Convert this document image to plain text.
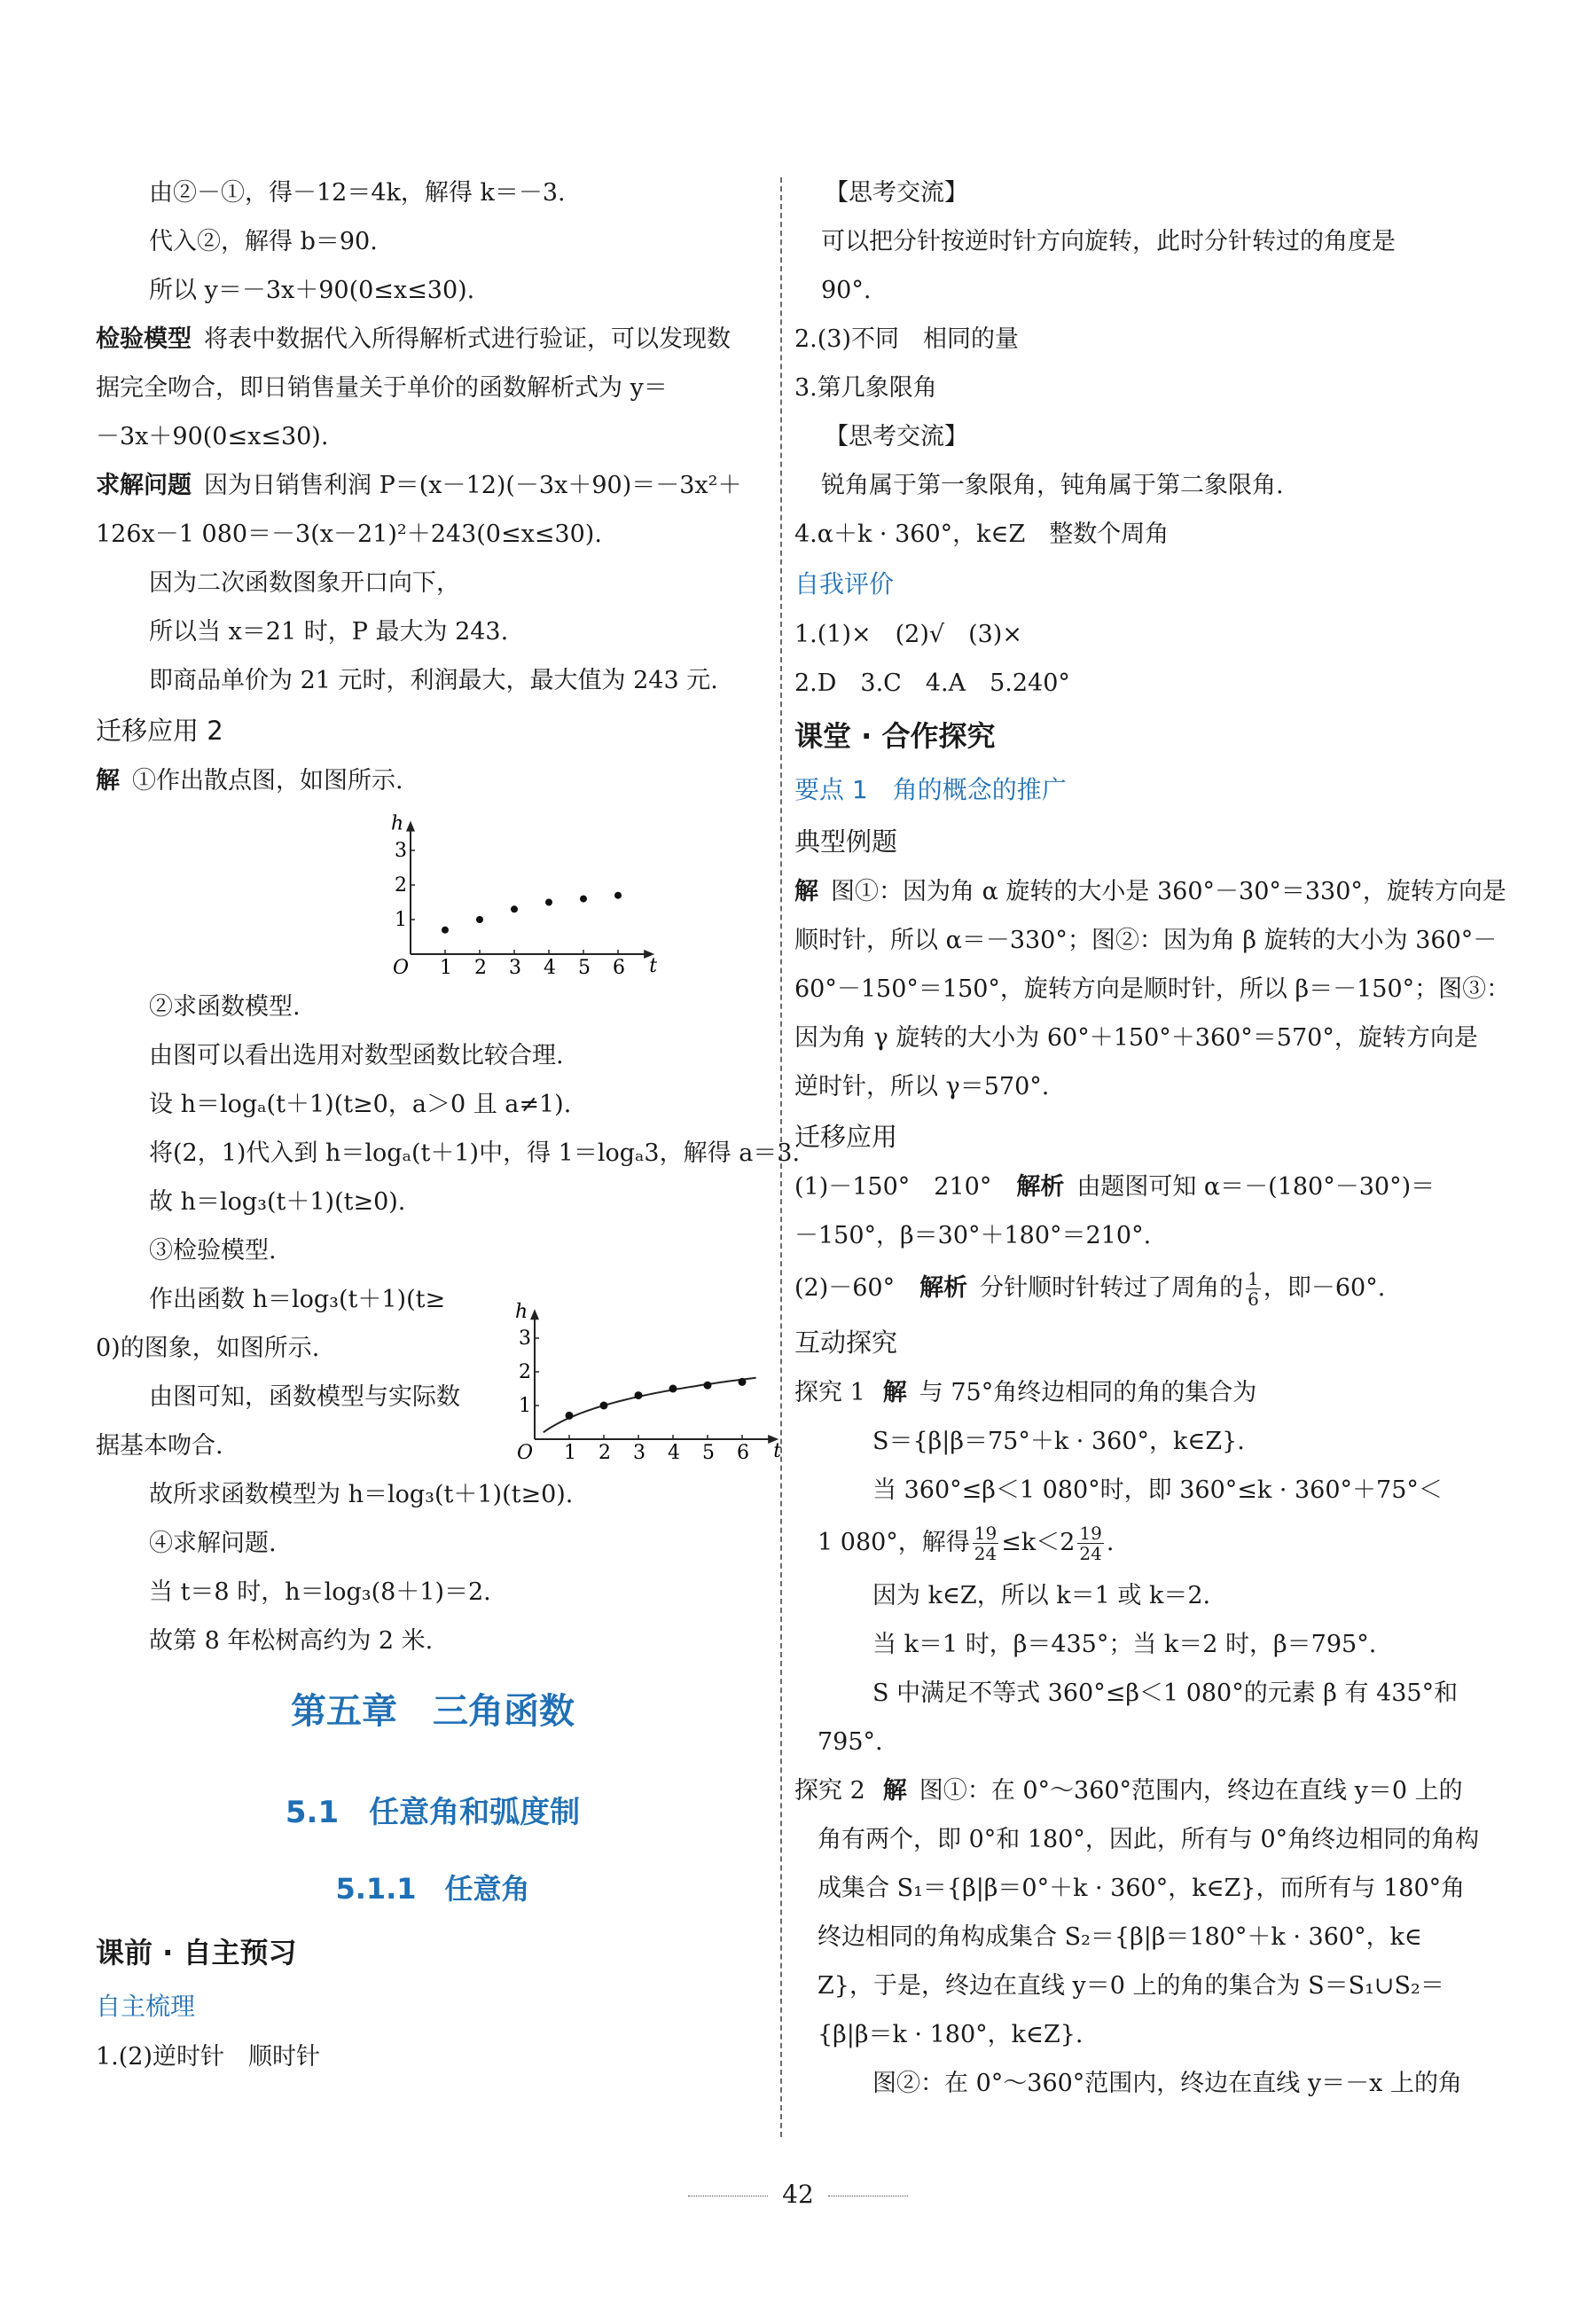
由②－①，得－12＝4k，解得 k＝－3.
代入②，解得 b＝90.
所以 y＝－3x＋90(0≤x≤30).
检验模型 将表中数据代入所得解析式进行验证，可以发现数
据完全吻合，即日销售量关于单价的函数解析式为 y＝
－3x＋90(0≤x≤30).
求解问题 因为日销售利润 P＝(x－12)(－3x＋90)＝－3x²＋
126x－1 080＝－3(x－21)²＋243(0≤x≤30).
因为二次函数图象开口向下，
所以当 x＝21 时，P 最大为 243.
即商品单价为 21 元时，利润最大，最大值为 243 元.
迁移应用 2
解 ①作出散点图，如图所示.
t
h
O 1 2 3 4 5 6
1
2
3
②求函数模型.
由图可以看出选用对数型函数比较合理.
设 h＝logₐ(t＋1)(t≥0，a＞0 且 a≠1).
将(2，1)代入到 h＝logₐ(t＋1)中，得 1＝logₐ3，解得 a＝3.
故 h＝log₃(t＋1)(t≥0).
③检验模型.
作出函数 h＝log₃(t＋1)(t≥
0)的图象，如图所示.
由图可知，函数模型与实际数
据基本吻合.	t
h
O 1 2 3 4 5 6
1
2
3
故所求函数模型为 h＝log₃(t＋1)(t≥0).
④求解问题.
当 t＝8 时，h＝log₃(8＋1)＝2.
故第 8 年松树高约为 2 米.
第五章　三角函数
5.1　任意角和弧度制
5.1.1　任意角
课前 · 自主预习
自主梳理
1.(2)逆时针　顺时针
【思考交流】
可以把分针按逆时针方向旋转，此时分针转过的角度是
90°.
2.(3)不同　相同的量
3.第几象限角
【思考交流】
锐角属于第一象限角，钝角属于第二象限角.
4.α＋k · 360°，k∈Z　整数个周角
自我评价
1.(1)×　(2)√　(3)×
2.D　3.C　4.A　5.240°
课堂 · 合作探究
要点 1　角的概念的推广
典型例题
解 图①：因为角 α 旋转的大小是 360°－30°＝330°，旋转方向是
顺时针，所以 α＝－330°；图②：因为角 β 旋转的大小为 360°－
60°－150°＝150°，旋转方向是顺时针，所以 β＝－150°；图③：
因为角 γ 旋转的大小为 60°＋150°＋360°＝570°，旋转方向是
逆时针，所以 γ＝570°.
迁移应用
(1)－150°　210° 解析 由题图可知 α＝－(180°－30°)＝
－150°，β＝30°＋180°＝210°.
(2)－60° 解析 分针顺时针转过了周角的 $\frac{1}{6}$ ，即－60°.
互动探究
探究 1 解 与 75°角终边相同的角的集合为
S＝{β|β＝75°＋k · 360°，k∈Z}.
当 360°≤β＜1 080°时，即 360°≤k · 360°＋75°＜
1 080°，解得 $\frac{19}{24} \le k<2 \frac{19}{24}$ .
因为 k∈Z，所以 k＝1 或 k＝2.
当 k＝1 时，β＝435°；当 k＝2 时，β＝795°.
S 中满足不等式 360°≤β＜1 080°的元素 β 有 435°和
795°.
探究 2 解 图①：在 0°～360°范围内，终边在直线 y＝0 上的
角有两个，即 0°和 180°，因此，所有与 0°角终边相同的角构
成集合 S₁＝{β|β＝0°＋k · 360°，k∈Z}，而所有与 180°角
终边相同的角构成集合 S₂＝{β|β＝180°＋k · 360°，k∈
Z}，于是，终边在直线 y＝0 上的角的集合为 S＝S₁∪S₂＝
{β|β＝k · 180°，k∈Z}.
图②：在 0°～360°范围内，终边在直线 y＝－x 上的角
42
